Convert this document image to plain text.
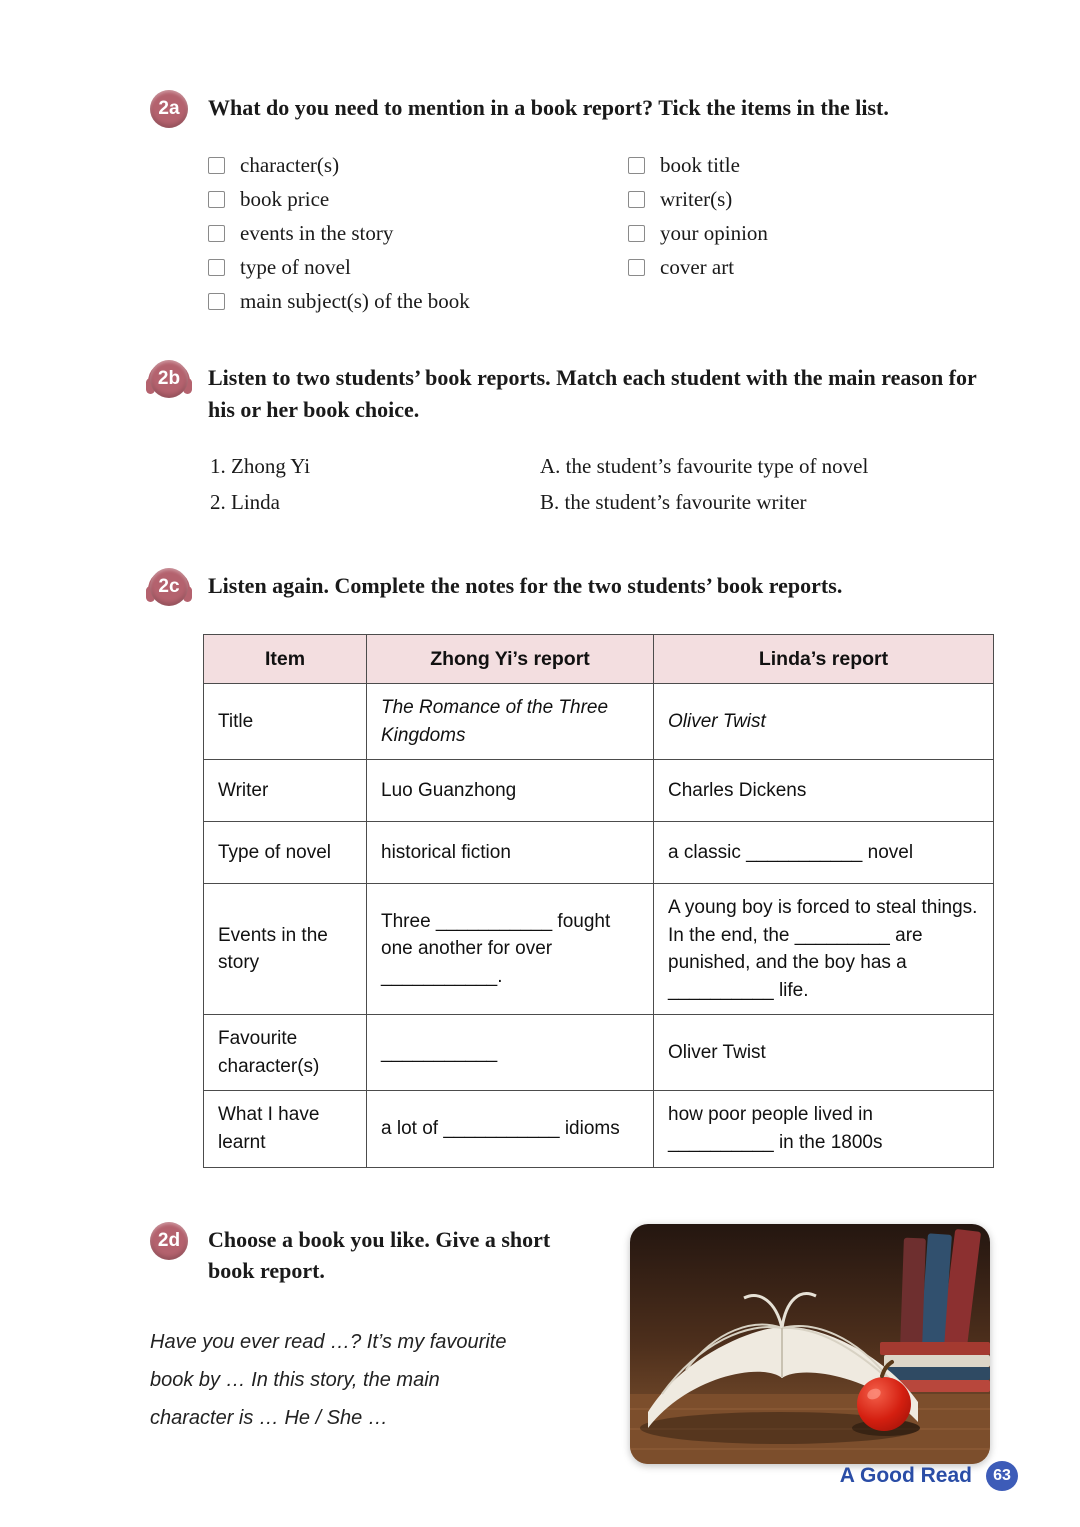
2a	What do you need to mention in a book report? Tick the items in the list.
character(s)
book price
events in the story
type of novel
main subject(s) of the book
book title
writer(s)
your opinion
cover art
2b	Listen to two students’ book reports. Match each student with the main reason for his or her book choice.
1. Zhong Yi
2. Linda
A. the student’s favourite type of novel
B. the student’s favourite writer
2c	Listen again. Complete the notes for the two students’ book reports.
Item	Zhong Yi’s report	Linda’s report
Title	The Romance of the Three Kingdoms	Oliver Twist
Writer	Luo Guanzhong	Charles Dickens
Type of novel	historical fiction	a classic ___________ novel
Events in the story	Three ___________ fought one another for over ___________.	A young boy is forced to steal things. In the end, the _________ are punished, and the boy has a __________ life.
Favourite character(s)	___________	Oliver Twist
What I have learnt	a lot of ___________ idioms	how poor people lived in __________ in the 1800s
2d	Choose a book you like. Give a short book report.

Have you ever read …? It’s my favourite book by … In this story, the main character is … He / She …

A Good Read	63
